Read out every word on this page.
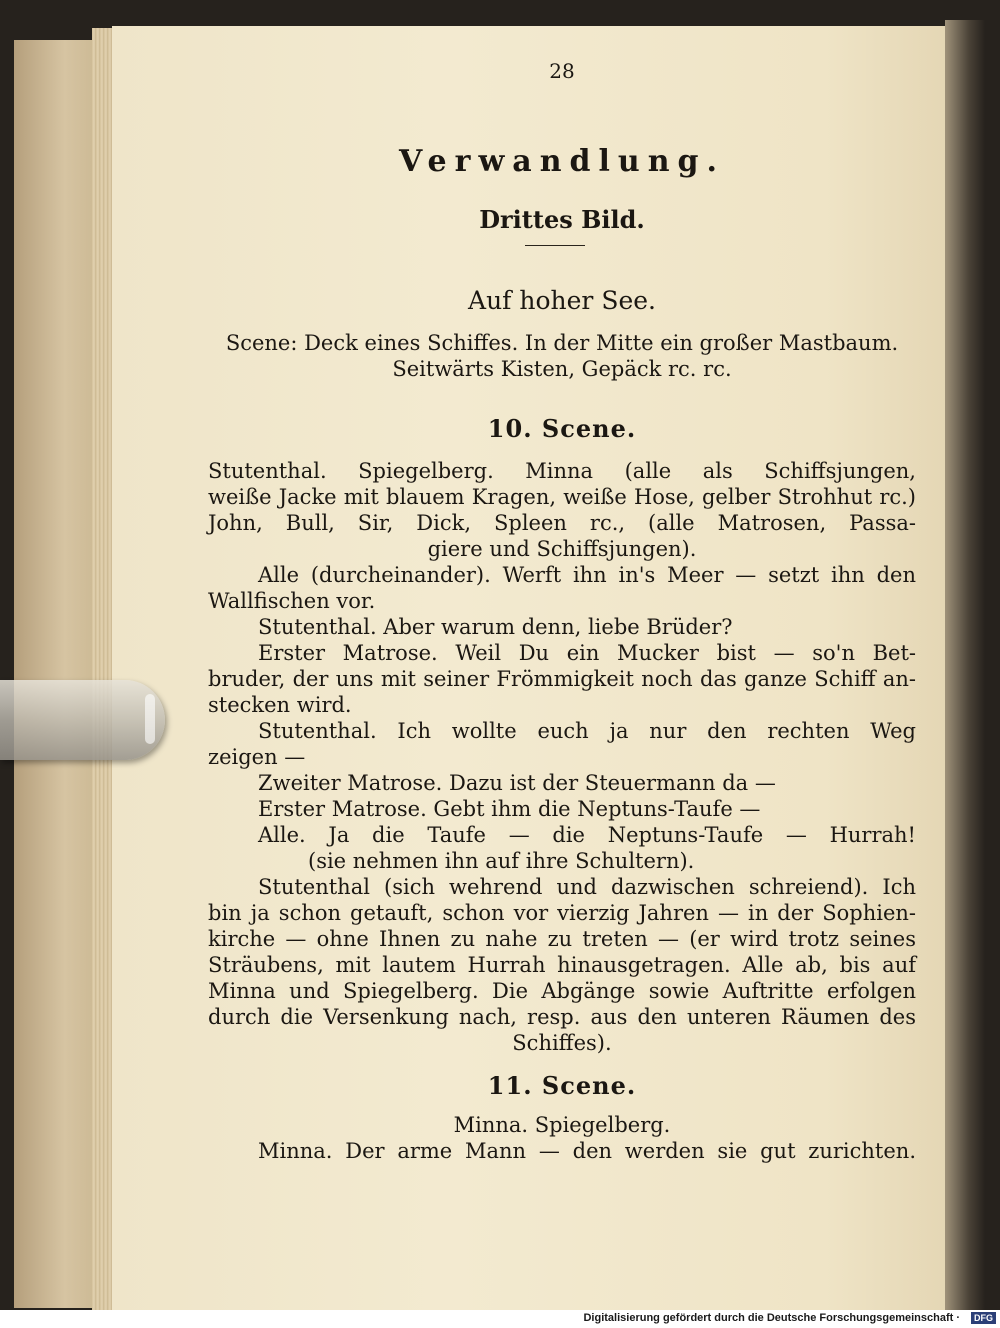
28
Verwandlung.
Drittes Bild.
Auf hoher See.
Scene: Deck eines Schiffes. In der Mitte ein großer Mastbaum.
Seitwärts Kisten, Gepäck rc. rc.
10. Scene.
Stutenthal. Spiegelberg. Minna (alle als Schiffsjungen,
weiße Jacke mit blauem Kragen, weiße Hose, gelber Strohhut rc.)
John, Bull, Sir, Dick, Spleen rc., (alle Matrosen, Passa-
giere und Schiffsjungen).
Alle (durcheinander). Werft ihn in's Meer — setzt ihn den
Wallfischen vor.
Stutenthal. Aber warum denn, liebe Brüder?
Erster Matrose. Weil Du ein Mucker bist — so'n Bet-
bruder, der uns mit seiner Frömmigkeit noch das ganze Schiff an-
stecken wird.
Stutenthal. Ich wollte euch ja nur den rechten Weg
zeigen —
Zweiter Matrose. Dazu ist der Steuermann da —
Erster Matrose. Gebt ihm die Neptuns-Taufe —
Alle. Ja die Taufe — die Neptuns-Taufe — Hurrah!
(sie nehmen ihn auf ihre Schultern).
Stutenthal (sich wehrend und dazwischen schreiend). Ich
bin ja schon getauft, schon vor vierzig Jahren — in der Sophien-
kirche — ohne Ihnen zu nahe zu treten — (er wird trotz seines
Sträubens, mit lautem Hurrah hinausgetragen. Alle ab, bis auf
Minna und Spiegelberg. Die Abgänge sowie Auftritte erfolgen
durch die Versenkung nach, resp. aus den unteren Räumen des
Schiffes).
11. Scene.
Minna. Spiegelberg.
Minna. Der arme Mann — den werden sie gut zurichten.
Digitalisierung gefördert durch die Deutsche Forschungsgemeinschaft ·	DFG
